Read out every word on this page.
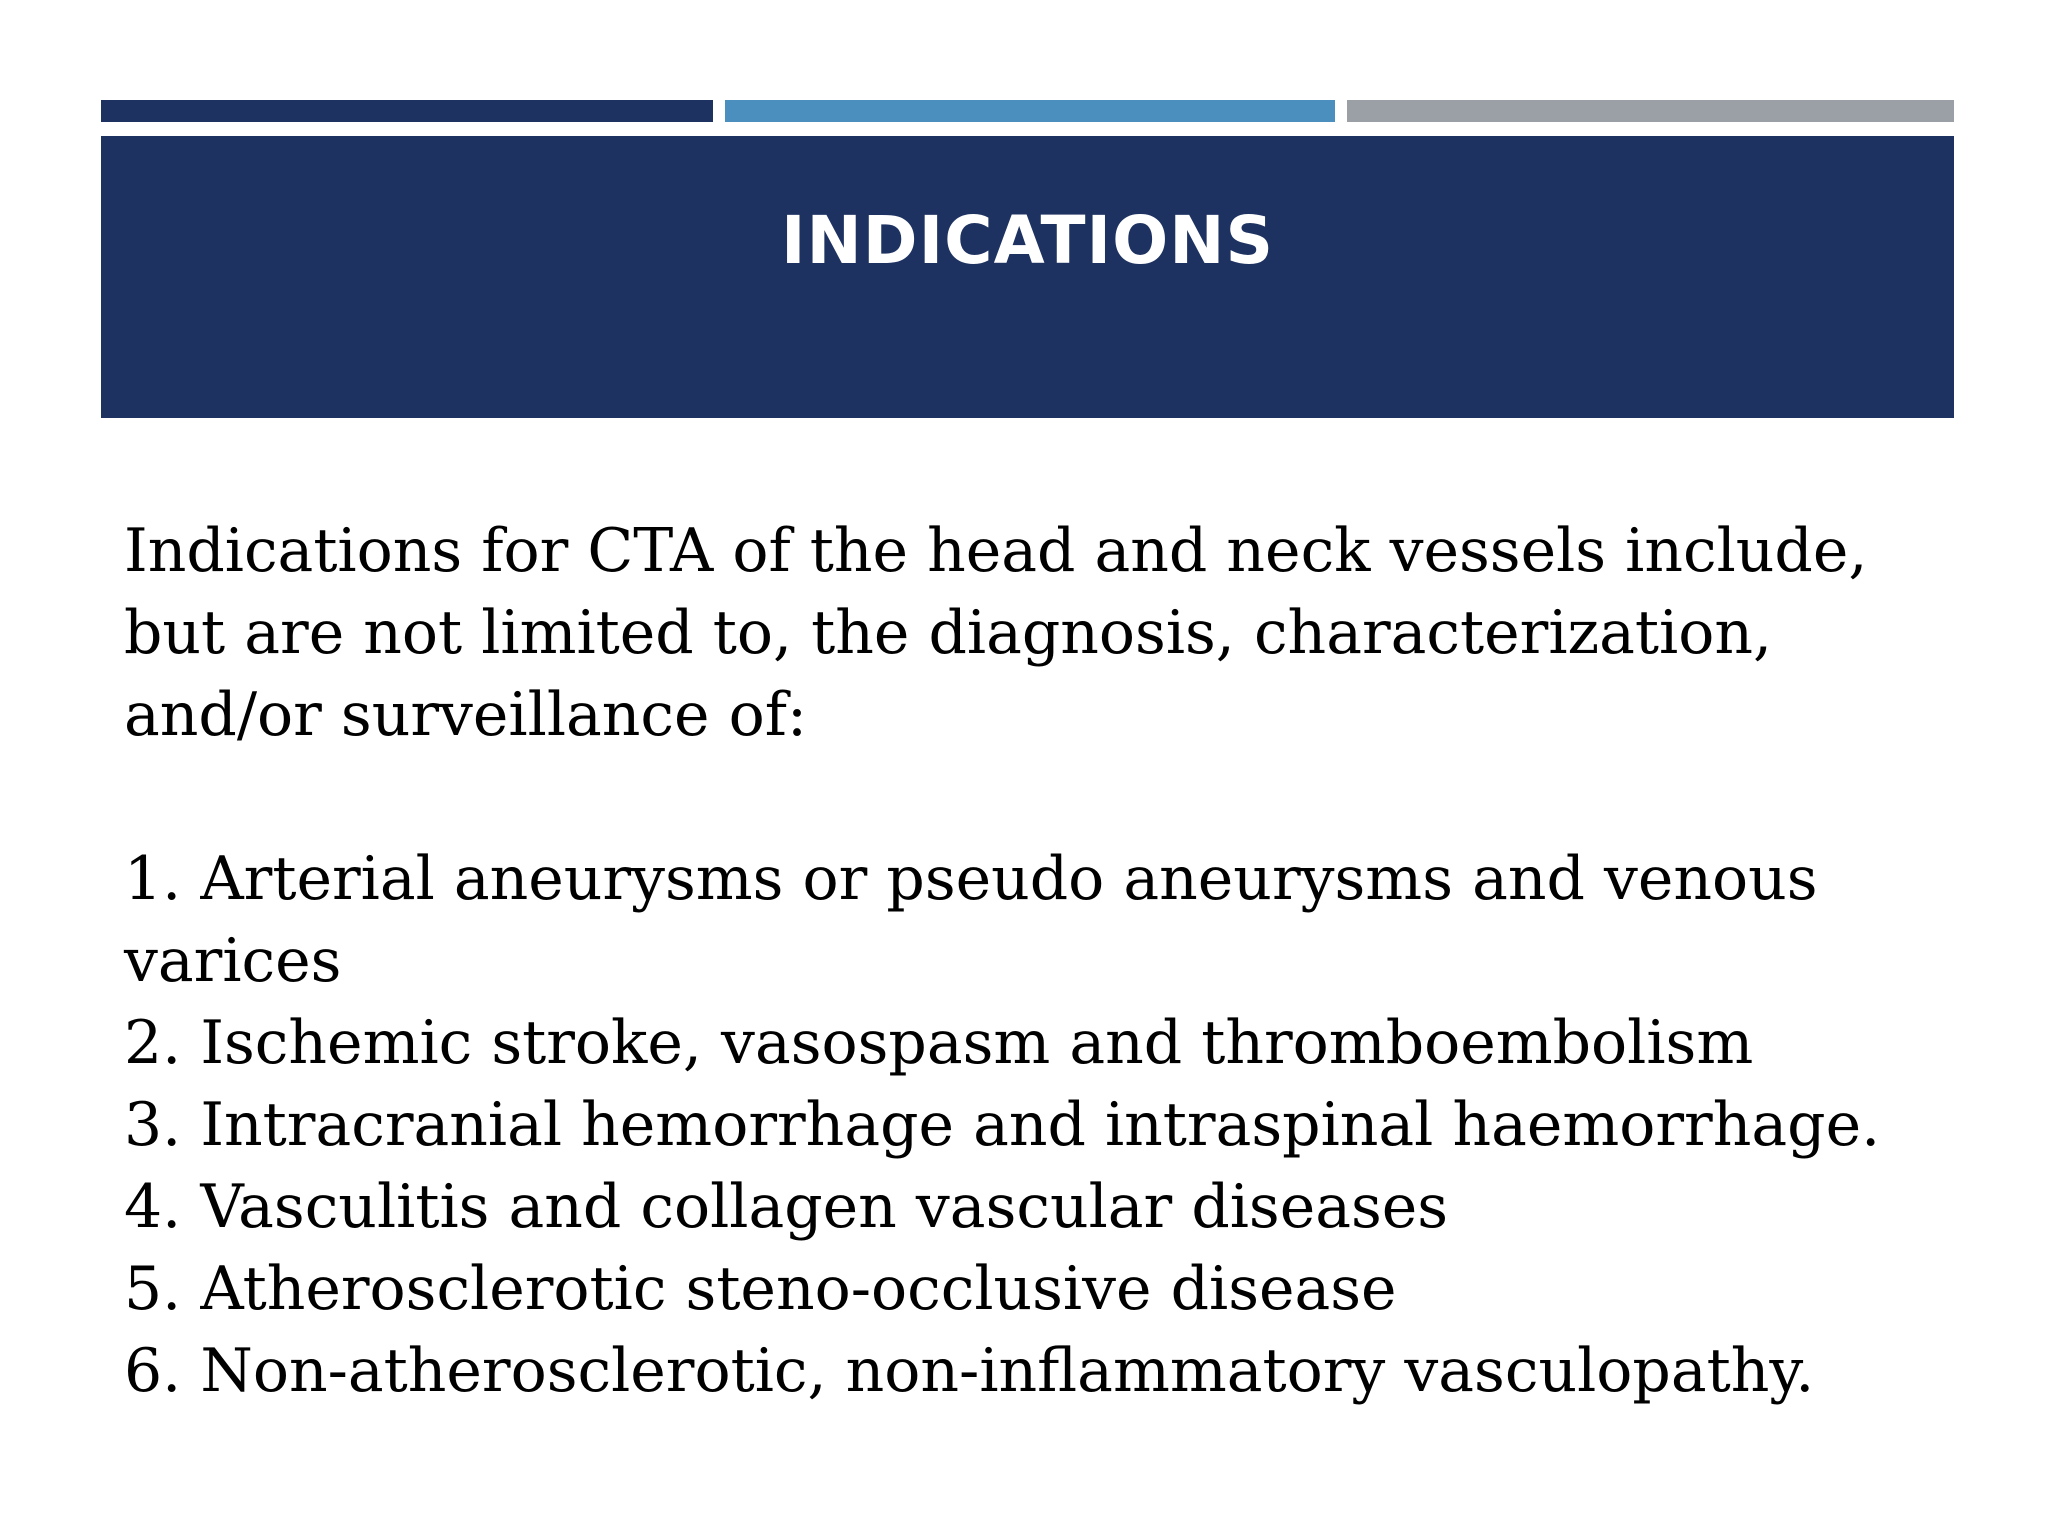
INDICATIONS

Indications for CTA of the head and neck vessels include, but are not limited to, the diagnosis, characterization, and/or surveillance of:

1. Arterial aneurysms or pseudo aneurysms and venous varices
2. Ischemic stroke, vasospasm and thromboembolism
3. Intracranial hemorrhage and intraspinal haemorrhage.
4. Vasculitis and collagen vascular diseases
5. Atherosclerotic steno-occlusive disease
6. Non-atherosclerotic, non-inflammatory vasculopathy.
